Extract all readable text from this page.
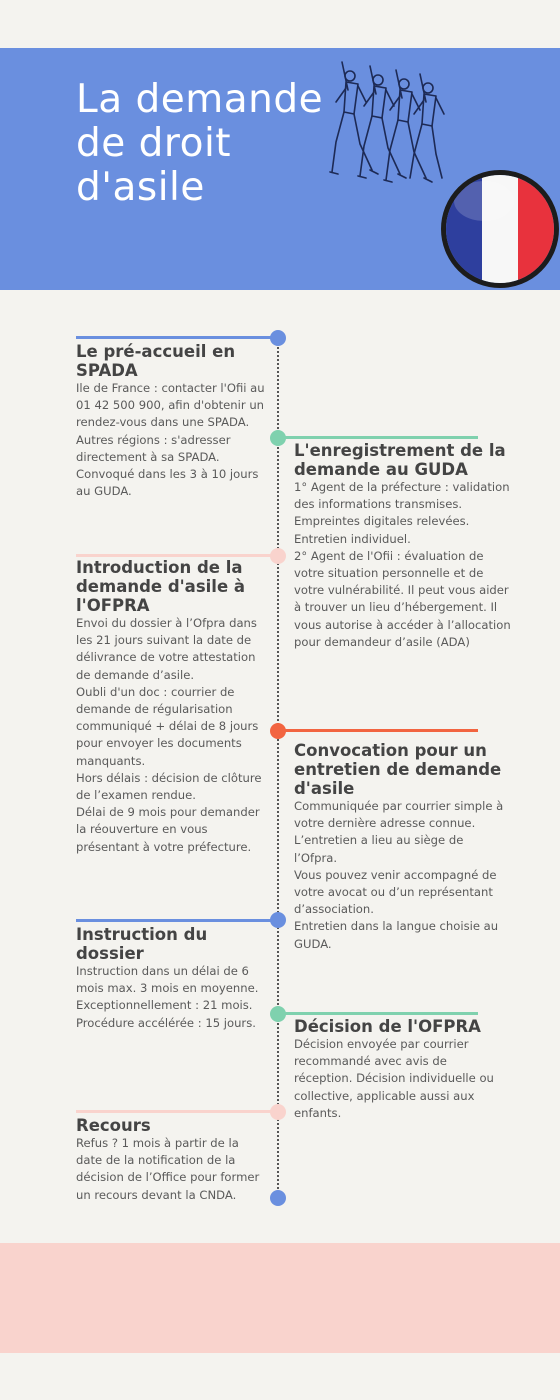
La demande de droit d'asile
Le pré-accueil en SPADA

Ile de France : contacter l'Ofii au 01 42 500 900, afin d'obtenir un rendez-vous dans une SPADA.

Autres régions : s'adresser directement à sa SPADA.

Convoqué dans les 3 à 10 jours au GUDA.

L'enregistrement de la demande au GUDA

1° Agent de la préfecture : validation des informations transmises. Empreintes digitales relevées. Entretien individuel.

2° Agent de l'Ofii : évaluation de votre situation personnelle et de votre vulnérabilité. Il peut vous aider à trouver un lieu d’hébergement. Il vous autorise à accéder à l’allocation pour demandeur d’asile (ADA)

Introduction de la demande d'asile à l'OFPRA

Envoi du dossier à l’Ofpra dans les 21 jours suivant la date de délivrance de votre attestation de demande d’asile.

Oubli d'un doc : courrier de demande de régularisation communiqué + délai de 8 jours pour envoyer les documents manquants.

Hors délais : décision de clôture de l’examen rendue.

Délai de 9 mois pour demander la réouverture en vous présentant à votre préfecture.

Convocation pour un entretien de demande d'asile

Communiquée par courrier simple à votre dernière adresse connue.

L’entretien a lieu au siège de l’Ofpra.

Vous pouvez venir accompagné de votre avocat ou d’un représentant d’association.

Entretien dans la langue choisie au GUDA.

Instruction du dossier

Instruction dans un délai de 6 mois max. 3 mois en moyenne.

Exceptionnellement : 21 mois.

Procédure accélérée : 15 jours.	Décision de l'OFPRA

Décision envoyée par courrier recommandé avec avis de réception. Décision individuelle ou collective, applicable aussi aux enfants.

Recours

Refus ? 1 mois à partir de la date de la notification de la décision de l’Office pour former un recours devant la CNDA.
